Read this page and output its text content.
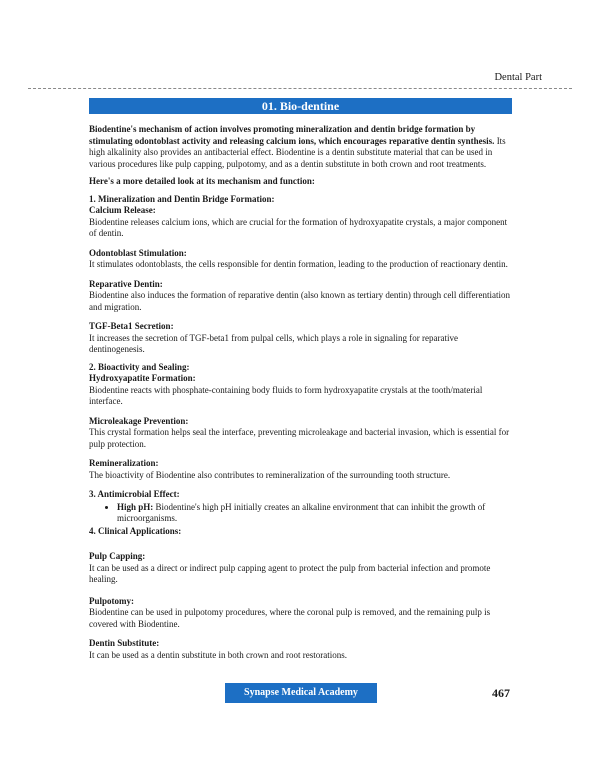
Dental Part
01. Bio-dentine

Biodentine's mechanism of action involves promoting mineralization and dentin bridge formation by stimulating odontoblast activity and releasing calcium ions, which encourages reparative dentin synthesis. Its high alkalinity also provides an antibacterial effect. Biodentine is a dentin substitute material that can be used in various procedures like pulp capping, pulpotomy, and as a dentin substitute in both crown and root treatments.

Here's a more detailed look at its mechanism and function:

1. Mineralization and Dentin Bridge Formation:

Calcium Release:

Biodentine releases calcium ions, which are crucial for the formation of hydroxyapatite crystals, a major component of dentin.

Odontoblast Stimulation:

It stimulates odontoblasts, the cells responsible for dentin formation, leading to the production of reactionary dentin.

Reparative Dentin:

Biodentine also induces the formation of reparative dentin (also known as tertiary dentin) through cell differentiation and migration.

TGF-Beta1 Secretion:

It increases the secretion of TGF-beta1 from pulpal cells, which plays a role in signaling for reparative dentinogenesis.

2. Bioactivity and Sealing:

Hydroxyapatite Formation:

Biodentine reacts with phosphate-containing body fluids to form hydroxyapatite crystals at the tooth/material interface.

Microleakage Prevention:

This crystal formation helps seal the interface, preventing microleakage and bacterial invasion, which is essential for pulp protection.

Remineralization:

The bioactivity of Biodentine also contributes to remineralization of the surrounding tooth structure.

3. Antimicrobial Effect:

• High pH: Biodentine's high pH initially creates an alkaline environment that can inhibit the growth of microorganisms.

4. Clinical Applications:

Pulp Capping:

It can be used as a direct or indirect pulp capping agent to protect the pulp from bacterial infection and promote healing.

Pulpotomy:

Biodentine can be used in pulpotomy procedures, where the coronal pulp is removed, and the remaining pulp is covered with Biodentine.

Dentin Substitute:

It can be used as a dentin substitute in both crown and root restorations.

Synapse Medical Academy	467
